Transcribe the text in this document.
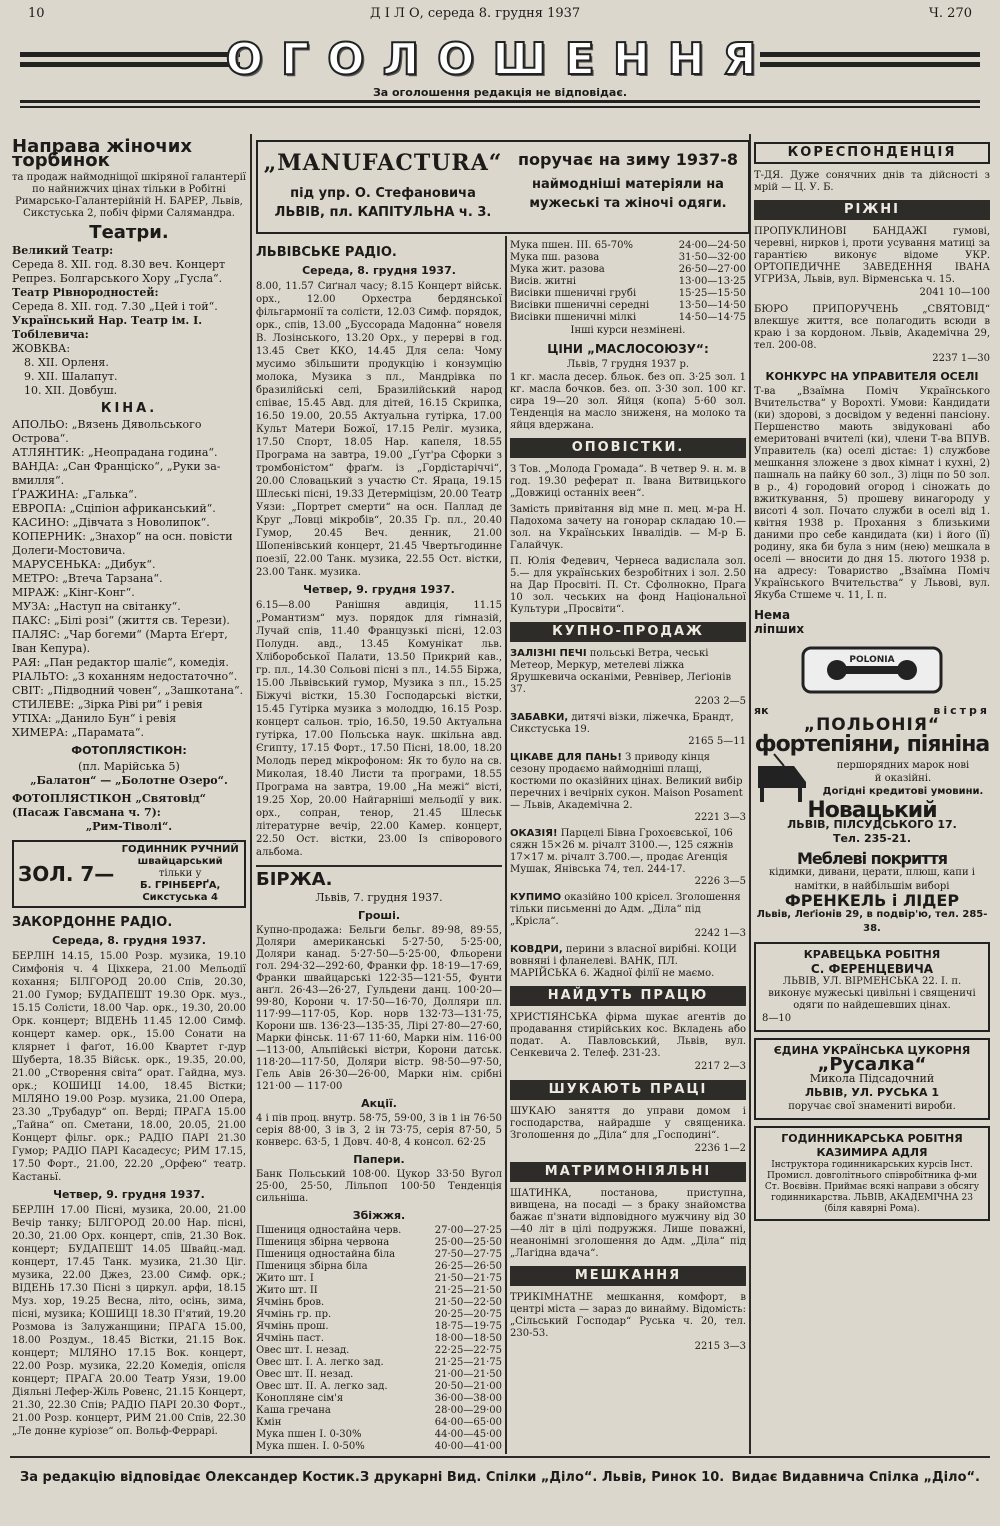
10	Д І Л О, середа 8. грудня 1937	Ч. 270
ОГОЛОШЕННЯ
За оголошення редакція не відповідає.
Направа жіночих торбинок

та продаж наймодніщої шкіряної галантерії по найнижчих цінах тільки в Робітні Римарсько-Галантерійній Н. БАРЕР, Львів, Сикстуська 2, побіч фірми Салямандра.

Театри.
Великий Театр:
Середа 8. XII. год. 8.30 веч. Концерт Репрез. Болгарського Хору „Гусла“.
Театр Рівнородностей:
Середа 8. XII. год. 7.30 „Цей і той“.
Український Нар. Театр ім. І. Тобілевича:
ЖОВКВА:
8. XII. Орленя.
9. XII. Шалапут.
10. XII. Довбуш.
КІНА.
АПОЛЬО: „Вязень Дявольського Острова“.
АТЛЯНТИК: „Неопрадана година“.
ВАНДА: „Сан Франціско“, „Руки за-вмилля“.
ҐРАЖИНА: „Галька“.
ЕВРОПА: „Сціпіон африканський“.
КАСИНО: „Дівчата з Новолипок“.
КОПЕРНИК: „Знахор“ на осн. повісти Долеги-Мостовича.
МАРУСЕНЬКА: „Дибук“.
МЕТРО: „Втеча Тарзана“.
МІРАЖ: „Кінг-Конг“.
МУЗА: „Наступ на світанку“.
ПАКС: „Білі розі“ (життя св. Терези).
ПАЛЯС: „Чар богеми“ (Марта Еґерт, Іван Кепура).
РАЯ: „Пан редактор шаліє“, комедія.
РІАЛЬТО: „З коханням недостаточно“.
СВІТ: „Підводний човен“, „Зашкотана“.
СТИЛЕВЕ: „Зірка Ріві ри“ і ревія
УТІХА: „Данило Бун“ і ревія
ХИМЕРА: „Парамата“.
ФОТОПЛЯСТІКОН:
(пл. Марійська 5)
„Балатон“ — „Болотне Озеро“.
ФОТОПЛЯСТІКОН „Святовід“ (Пасаж Гавсмана ч. 7):
„Рим-Тіволі“.
ЗОЛ. 7—
ГОДИННИК РУЧНИЙ швайцарський
тільки у
Б. ГРІНБЕРҐА, Сикстуська 4
ЗАКОРДОННЕ РАДІО.
Середа, 8. грудня 1937.

БЕРЛІН 14.15, 15.00 Розр. музика, 19.10 Симфонія ч. 4 Ціхкера, 21.00 Мельодії кохання; БІЛГОРОД 20.00 Спів, 20.30, 21.00 Гумор; БУДАПЕШТ 19.30 Орк. муз., 15.15 Солісти, 18.00 Чар. орк., 19.30, 20.00 Орк. концерт; ВІДЕНЬ 11.45 12.00 Симф. концерт камер. орк., 15.00 Сонати на клярнет і фаґот, 16.00 Квартет г-дур Шуберта, 18.35 Військ. орк., 19.35, 20.00, 21.00 „Створення світа“ орат. Гайдна, муз. орк.; КОШИЦІ 14.00, 18.45 Вістки; МІЛЯНО 19.00 Розр. музика, 21.00 Опера, 23.30 „Трубадур“ оп. Верді; ПРАГА 15.00 „Тайна“ оп. Сметани, 18.00, 20.05, 21.00 Концерт фільг. орк.; РАДІО ПАРІ 21.30 Гумор; РАДІО ПАРІ Касадесус; РИМ 17.15, 17.50 Форт., 21.00, 22.20 „Орфею“ театр. Кастаньї.

Четвер, 9. грудня 1937.

БЕРЛІН 17.00 Пісні, музика, 20.00, 21.00 Вечір танку; БІЛГОРОД 20.00 Нар. пісні, 20.30, 21.00 Орх. концерт, спів, 21.30 Вок. концерт; БУДАПЕШТ 14.05 Швайц.-мад. концерт, 17.45 Танк. музика, 21.30 Ціг. музика, 22.00 Джез, 23.00 Симф. орк.; ВІДЕНЬ 17.30 Пісні з циркул. арфи, 18.15 Муз. хор, 19.25 Весна, літо, осінь, зима, пісні, музика; КОШИЦІ 18.30 П'ятий, 19.20 Розмова із Залужанщини; ПРАГА 15.00, 18.00 Роздум., 18.45 Вістки, 21.15 Вок. концерт; МІЛЯНО 17.15 Вок. концерт, 22.00 Розр. музика, 22.20 Комедія, опісля концерт; ПРАГА 20.00 Театр Уязи, 19.00 Діяльні Лефер-Жіль Ровенс, 21.15 Концерт, 21.30, 22.30 Спів; РАДІО ПАРІ 20.30 Форт., 21.00 Розр. концерт, РИМ 21.00 Спів, 22.30 „Ле донне куріозе“ оп. Вольф-Феррарі.

„MANUFACTURA“
під упр. О. Стефановича
ЛЬВІВ, пл. КАПІТУЛЬНА ч. 3.
поручає на зиму 1937-8
наймодніші матеріяли на
мужеські та жіночі одяги.
ЛЬВІВСЬКЕ РАДІО.
Середа, 8. грудня 1937.

8.00, 11.57 Сиґнал часу; 8.15 Концерт військ. орх., 12.00 Орхестра бердянської фільгармонії та солісти, 12.03 Симф. порядок, орк., спів, 13.00 „Буссорада Мадонна“ новеля В. Лозінського, 13.20 Орх., у перерві в год. 13.45 Свет ККО, 14.45 Для села: Чому мусимо збільшити продукцію і конзумцію молока, Музика з пл., Мандрівка по бразилійські селі, Бразилійський народ співає, 15.45 Авд. для дітей, 16.15 Скрипка, 16.50 19.00, 20.55 Актуальна гутірка, 17.00 Культ Матери Божої, 17.15 Реліг. музика, 17.50 Спорт, 18.05 Нар. капеля, 18.55 Програма на завтра, 19.00 „Ґут'ра Сфорки з тромбоністом“ фраґм. із „Гордістаріччі“, 20.00 Словацький з участю Ст. Яраца, 19.15 Шлеські пісні, 19.33 Детерміцізм, 20.00 Театр Уязи: „Портрет смерти“ на осн. Паллад де Круг „Ловці мікробів“, 20.35 Гр. пл., 20.40 Гумор, 20.45 Веч. денник, 21.00 Шопенівський концерт, 21.45 Чвертьгодинне поезії, 22.00 Танк. музика, 22.55 Ост. вістки, 23.00 Танк. музика.

Четвер, 9. грудня 1937.

6.15—8.00 Ранішня авдиція, 11.15 „Романтизм“ муз. порядок для гімназій, Лучай спів, 11.40 Французькі пісні, 12.03 Полудн. авд., 13.45 Комунікат льв. Хліборобської Палати, 13.50 Прикрий кав., гр. пл., 14.30 Сольові пісні з пл., 14.55 Біржа, 15.00 Львівський гумор, Музика з пл., 15.25 Біжучі вістки, 15.30 Господарські вістки, 15.45 Гутірка музика з молоддю, 16.15 Розр. концерт сальон. тріо, 16.50, 19.50 Актуальна гутірка, 17.00 Польська наук. шкільна авд. Єгипту, 17.15 Форт., 17.50 Пісні, 18.00, 18.20 Молодь перед мікрофоном: Як то було на св. Миколая, 18.40 Листи та програми, 18.55 Програма на завтра, 19.00 „На межі“ вісті, 19.25 Хор, 20.00 Найгарніші мельодії у вик. орх., сопран, тенор, 21.45 Шлеськ літературне вечір, 22.00 Камер. концерт, 22.50 Ост. вістки, 23.00 Із співорового альбома.

БІРЖА.
Львів, 7. грудня 1937.
Гроші.

Купно-продажа: Бельги бельг. 89·98, 89·55, Доляри американські 5·27·50, 5·25·00, Доляри канад. 5·27·50—5·25·00, Фльорени гол. 294·32—292·60, Франки фр. 18·19—17·69, Франки швайцарські 122·35—121·55, Фунти анґл. 26·43—26·27, Гульдени данц. 100·20—99·80, Корони ч. 17·50—16·70, Долляри пл. 117·99—117·05, Кор. норв 132·73—131·75, Корони шв. 136·23—135·35, Лірі 27·80—27·60, Марки фінськ. 11·67 11·60, Марки нім. 116·00—113·00, Альпійські вістри, Корони датськ. 118·20—117·50, Доляри вістр. 98·50—97·50, Гель Авів 26·30—26·00, Марки нім. срібні 121·00 — 117·00

Акції.

4 і пів проц. внутр. 58·75, 59·00, 3 ів 1 ін 76·50 серія 88·00, 3 ів 3, 2 ін 73·75, серія 87·50, 5 конверс. 63·5, 1 Довч. 40·8, 4 консол. 62·25

Папери.

Банк Польський 108·00. Цукор 33·50 Вугол 25·00, 25·50, Лільпоп 100·50 Тенденція сильніша.

Збіжжя.
Пшениця одностайна черв.	27·00—27·25
Пшениця збірна червона	25·00—25·50
Пшениця одностайна біла	27·50—27·75
Пшениця збірна біла	26·25—26·50
Жито шт. І	21·50—21·75
Жито шт. II	21·25—21·50
Ячмінь бров.	21·50—22·50
Ячмінь гр. пр.	20·25—20·75
Ячмінь прош.	18·75—19·75
Ячмінь паст.	18·00—18·50
Овес шт. І. незад.	22·25—22·75
Овес шт. І. А. легко зад.	21·25—21·75
Овес шт. II. незад.	21·00—21·50
Овес шт. II. А. легко зад.	20·50—21·00
Конопляне сім'я	36·00—38·00
Каша гречана	28·00—29·00
Кмін	64·00—65·00
Мука пшен І. 0-30%	44·00—45·00
Мука пшен. І. 0-50%	40·00—41·00

Мука пшен. III. 65-70%	24·00—24·50
Мука пш. разова	31·50—32·00
Мука жит. разова	26·50—27·00
Висів. житні	13·00—13·25
Висівки пшеничні грубі	15·25—15·50
Висівки пшеничні середні	13·50—14·50
Висівки пшеничні мілкі	14·50—14·75
Інші курси незмінені.
ЦІНИ „МАСЛОСОЮЗУ“:
Львів, 7 грудня 1937 р.

1 кг. масла десер. бльок. без оп. 3·25 зол. 1 кг. масла бочков. без. оп. 3·30 зол. 100 кг. сира 19—20 зол. Яйця (копа) 5·60 зол. Тенденція на масло зниженя, на молоко та яйця вдержана.

ОПОВІСТКИ.

З Тов. „Молода Громада“. В четвер 9. н. м. в год. 19.30 реферат п. Івана Витвицького „Довжиці останніх веен“.

Замість привітання від мне п. мец. м-ра Н. Падохома зачету на гонорар складаю 10.— зол. на Українських Інвалідів. — М-р Б. Галайчук.

П. Юлія Федевич, Чернеса вадислала зол. 5.— для українських безробітних і зол. 2.50 на Дар Просвіті. П. Ст. Сфолнокно, Прага 10 зол. чеських на фонд Національної Культури „Просвіти“.

КУПНО-ПРОДАЖ
ЗАЛІЗНІ ПЕЧІ польські Ветра, чеські Метеор, Меркур, метелеві ліжка Ярушкевича осканіми, Ревнівер, Леґіонів 37.
2203 2—5
ЗАБАВКИ, дитячі візки, ліжечка, Брандт, Сикстуська 19.
2165 5—11
ЦІКАВЕ ДЛЯ ПАНЬ! З приводу кінця сезону продаємо наймодніші плащі, костюми по оказійних цінах. Великий вибір перечних і вечірніх сукон. Maison Posament — Львів, Академічна 2.
2221 3—3
ОКАЗІЯ! Парцелі Бівна Грохоєвської, 106 сяжн 15×26 м. річалт 3100.—, 125 сяжнів 17×17 м. річалт 3.700.—, продає Агенція Мушак, Янівська 74, тел. 244-17.
2226 3—5
КУПИМО оказійно 100 крісел. Зголошення тільки письменні до Адм. „Діла“ під „Крісла“.
2242 1—3
КОВДРИ, перини з власної вирібні. КОЦИ вовняні і фланелеві. ВАНК, ПЛ. МАРІЙСЬКА 6. Жадної філії не маємо.
НАЙДУТЬ ПРАЦЮ

ХРИСТІЯНСЬКА фірма шукає агентів до продавання стирійських кос. Вкладень або подат. А. Павловський, Львів, вул. Сенкевича 2. Телеф. 231-23.

2217 2—3
ШУКАЮТЬ ПРАЦІ

ШУКАЮ заняття до управи домом і господарства, найрадше у священика. Зголошення до „Діла“ для „Господині“.

2236 1—2
МАТРИМОНІЯЛЬНІ

ШАТИНКА, постанова, приступна, вивщена, на посаді — з браку знайомства бажає п'знати відповідного мужчину від 30—40 літ в цілі подружжя. Лише поважні, неанонімні зголошення до Адм. „Діла“ під „Лагідна вдача“.

МЕШКАННЯ

ТРИКІМНАТНЕ мешкання, комфорт, в центрі міста — зараз до винайму. Відомість: „Сільський Господар“ Руська ч. 20, тел. 230-53.

2215 3—3
КОРЕСПОНДЕНЦІЯ

Т-ДЯ. Дуже сонячних днів та дійсності з мрій — Ц. У. Б.

РІЖНІ

ПРОПУКЛИНОВІ БАНДАЖІ гумові, черевні, нирков і, проти усування матиці за гарантією виконує відоме УКР. ОРТОПЕДИЧНЕ ЗАВЕДЕННЯ ІВАНА УГРИЗА, Львів, вул. Вірменська ч. 15.

2041 10—100

БЮРО ПРИПОРУЧЕНЬ „СВЯТОВІД“ влекшує життя, все полагодить всюди в краю і за кордоном. Львів, Академічна 29, тел. 200-08.

2237 1—30
КОНКУРС НА УПРАВИТЕЛЯ ОСЕЛІ

Т-ва „Взаїмна Поміч Українського Вчительства“ у Ворохті. Умови: Кандидати (ки) здорові, з досвідом у веденні пансіону. Першенство мають звідуковані або емеритовані вчителі (ки), члени Т-ва ВПУВ. Управитель (ка) оселі дістає: 1) службове мешкання зложене з двох кімнат і кухні, 2) пашналь на пайку 60 зол., 3) ліцн по 50 зол. в р., 4) городовий огород і сіножать до вжиткування, 5) прошеву винагороду у висоті 4 зол. Почато служби в оселі від 1. квітня 1938 р. Прохання з близькими даними про себе кандидата (ки) і його (її) родину, яка би була з ним (нею) мешкала в оселі — вносити до дня 15. лютого 1938 р. на адресу: Товариство „Взаїмна Поміч Українського Вчительства“ у Львові, вул. Якуба Стшеме ч. 11, І. п.

Нема ліпших
POLONIA
як	вістря
„ПОЛЬОНІЯ“
фортепіяни, піяніна
першорядних марок нові
й оказійні.
Догідні кредитові умовини.
Новацький
ЛЬВІВ, ПІЛСУДСЬКОГО 17.
Тел. 235-21.
Меблеві покриття
кідимки, дивани, церати, плюш, капи і намітки, в найбільшім виборі
ФРЕНКЕЛЬ і ЛІДЕР
Львів, Леґіонів 29, в подвір'ю, тел. 285-38.
КРАВЕЦЬКА РОБІТНЯ
С. ФЕРЕНЦЕВИЧА
ЛЬВІВ, УЛ. ВІРМЕНСЬКА 22. І. п. виконує мужеські цивільні і священичі одяги по найдешевших цінах.
8—10
ЄДИНА УКРАЇНСЬКА ЦУКОРНЯ
„Русалка“
Микола Підсадочний
ЛЬВІВ, УЛ. РУСЬКА 1
поручає свої знамениті вироби.
ГОДИННИКАРСЬКА РОБІТНЯ
КАЗИМИРА АДЛЯ
Інструктора годинникарських курсів Інст. Промисл. довголітнього співробітника ф-ми Ст. Воєвівн. Приймає всякі направи з обсягу годинникарства. ЛЬВІВ, АКАДЕМІЧНА 23 (біля кавярні Рома).
За редакцію відповідає Олександер Костик. З друкарні Вид. Спілки „Діло“. Львів, Ринок 10. Видає Видавнича Спілка „Діло“.
